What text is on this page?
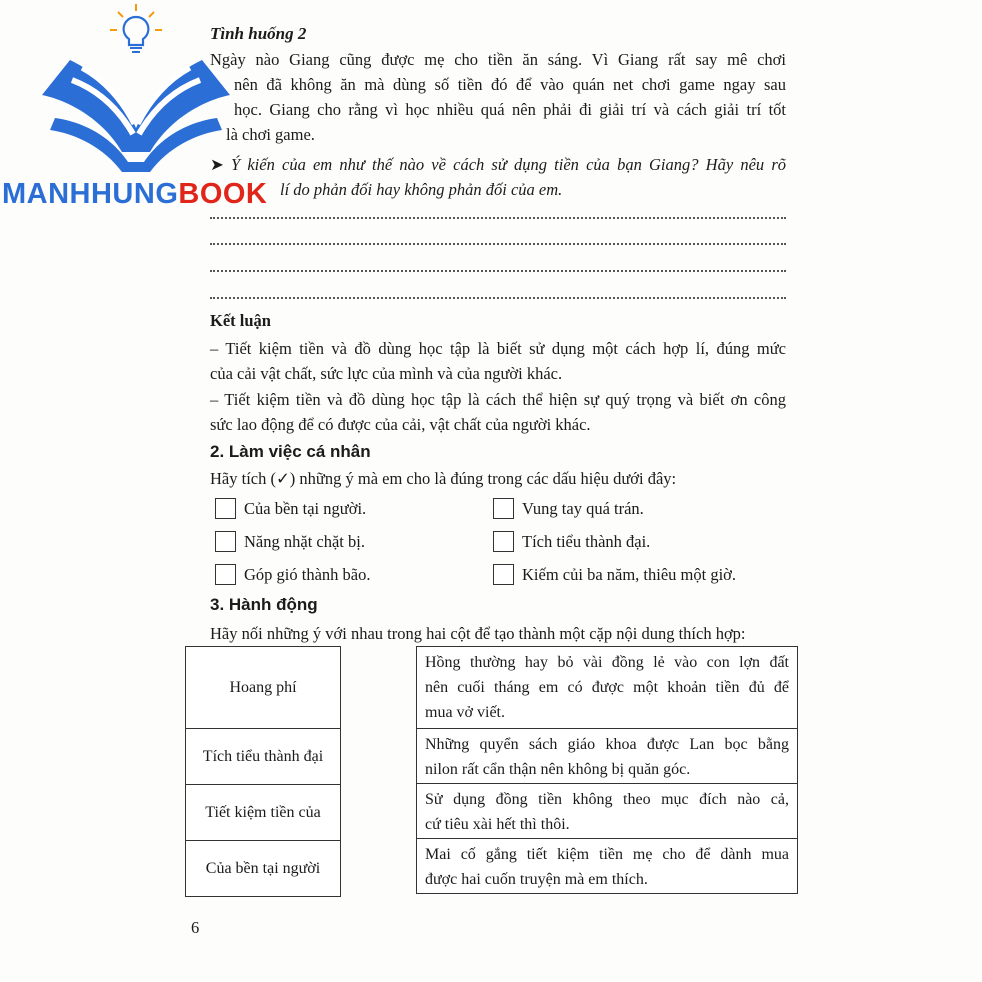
Tình huống 2
Ngày nào Giang cũng được mẹ cho tiền ăn sáng. Vì Giang rất say mê chơi
nên đã không ăn mà dùng số tiền đó để vào quán net chơi game ngay sau
học. Giang cho rằng vì học nhiều quá nên phải đi giải trí và cách giải trí tốt
là chơi game.
➤ Ý kiến của em như thế nào về cách sử dụng tiền của bạn Giang? Hãy nêu rõ
lí do phản đối hay không phản đối của em.
Kết luận
– Tiết kiệm tiền và đồ dùng học tập là biết sử dụng một cách hợp lí, đúng mức
của cải vật chất, sức lực của mình và của người khác.
– Tiết kiệm tiền và đồ dùng học tập là cách thể hiện sự quý trọng và biết ơn công
sức lao động để có được của cải, vật chất của người khác.
2. Làm việc cá nhân
Hãy tích (✓) những ý mà em cho là đúng trong các dấu hiệu dưới đây:
Của bền tại người.
Năng nhặt chặt bị.
Góp gió thành bão.
Vung tay quá trán.
Tích tiểu thành đại.
Kiếm củi ba năm, thiêu một giờ.
3. Hành động
Hãy nối những ý với nhau trong hai cột để tạo thành một cặp nội dung thích hợp:
Hoang phí
Tích tiểu thành đại
Tiết kiệm tiền của
Của bền tại người
Hồng thường hay bỏ vài đồng lẻ vào con lợn đất
nên cuối tháng em có được một khoản tiền đủ để
mua vở viết.
Những quyển sách giáo khoa được Lan bọc bằng
nilon rất cẩn thận nên không bị quăn góc.
Sử dụng đồng tiền không theo mục đích nào cả,
cứ tiêu xài hết thì thôi.
Mai cố gắng tiết kiệm tiền mẹ cho để dành mua
được hai cuốn truyện mà em thích.
6
MANHHUNGBOOK
